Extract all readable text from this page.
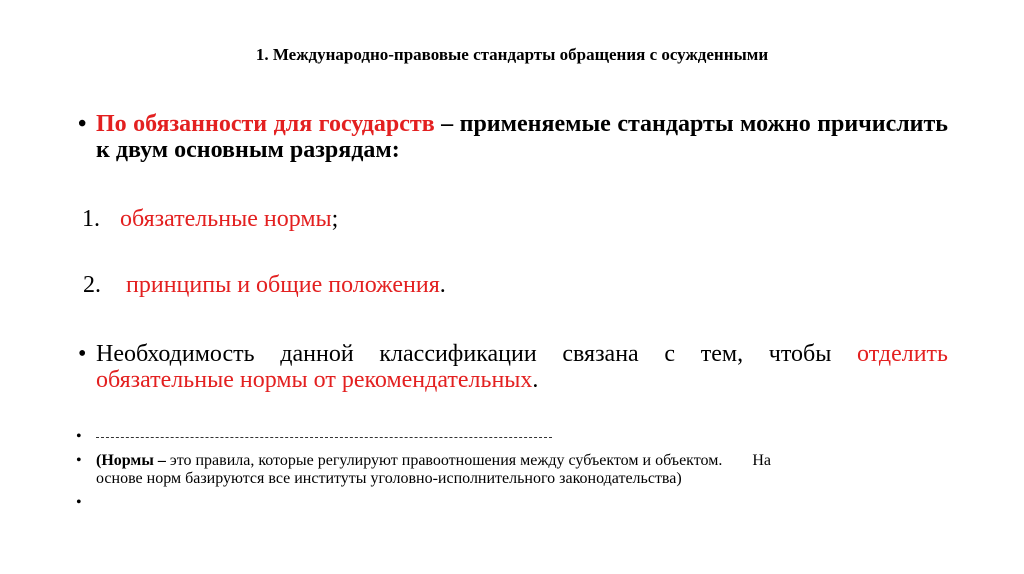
1. Международно-правовые стандарты обращения с осужденными
• По обязанности для государств – применяемые стандарты можно причислить к двум основным разрядам:
1. обязательные нормы;
2. принципы и общие положения.
• Необходимость данной классификации связана с тем, чтобы отделить обязательные нормы от рекомендательных.
•
• (Нормы – это правила, которые регулируют правоотношения между субъектом и объектом. На
основе норм базируются все институты уголовно-исполнительного законодательства)
•
